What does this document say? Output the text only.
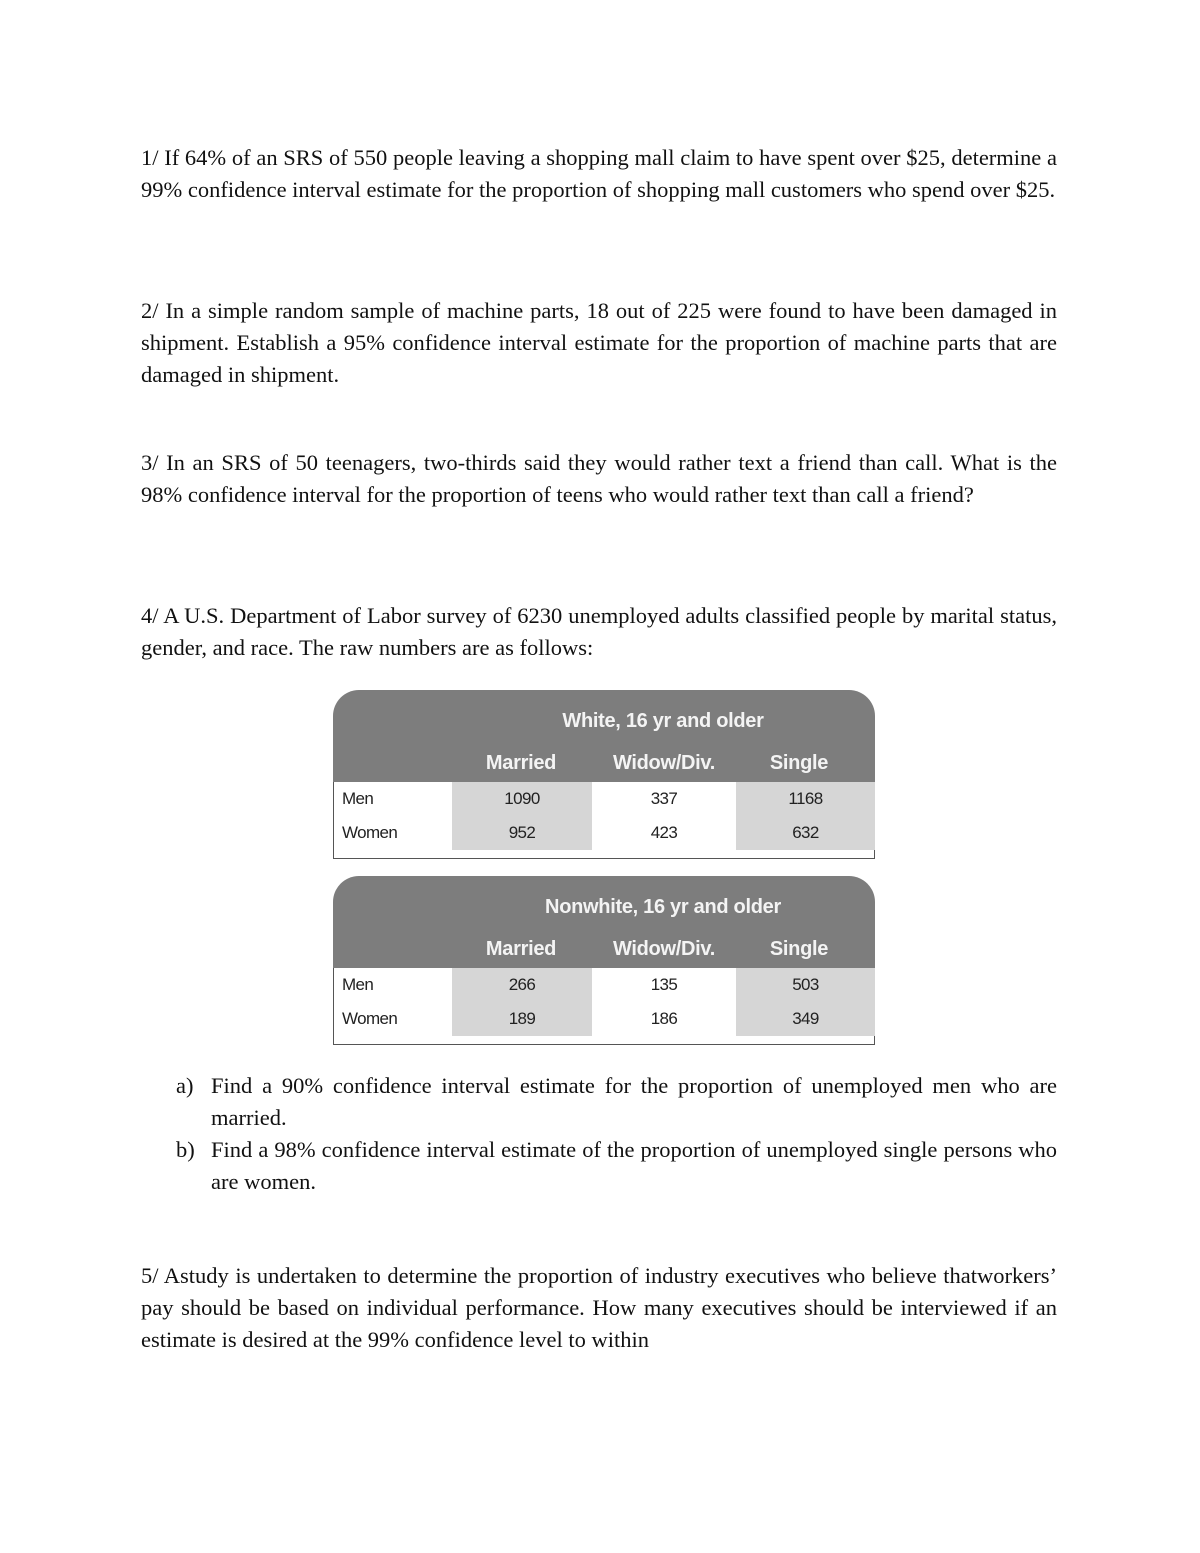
1/ If 64% of an SRS of 550 people leaving a shopping mall claim to have spent over $25, determine a 99% confidence interval estimate for the proportion of shopping mall customers who spend over $25.

2/ In a simple random sample of machine parts, 18 out of 225 were found to have been damaged in shipment. Establish a 95% confidence interval estimate for the proportion of machine parts that are damaged in shipment.

3/ In an SRS of 50 teenagers, two-thirds said they would rather text a friend than call. What is the 98% confidence interval for the proportion of teens who would rather text than call a friend?

4/ A U.S. Department of Labor survey of 6230 unemployed adults classified people by marital status, gender, and race. The raw numbers are as follows:

White, 16 yr and older
Married	Widow/Div.	Single
Men	1090	337	1168
Women	952	423	632
Nonwhite, 16 yr and older
Married	Widow/Div.	Single
Men	266	135	503
Women	189	186	349
a) Find a 90% confidence interval estimate for the proportion of unemployed men who are married.
b) Find a 98% confidence interval estimate of the proportion of unemployed single persons who are women.

5/ Astudy is undertaken to determine the proportion of industry executives who believe thatworkers’ pay should be based on individual performance. How many executives should be interviewed if an estimate is desired at the 99% confidence level to within
